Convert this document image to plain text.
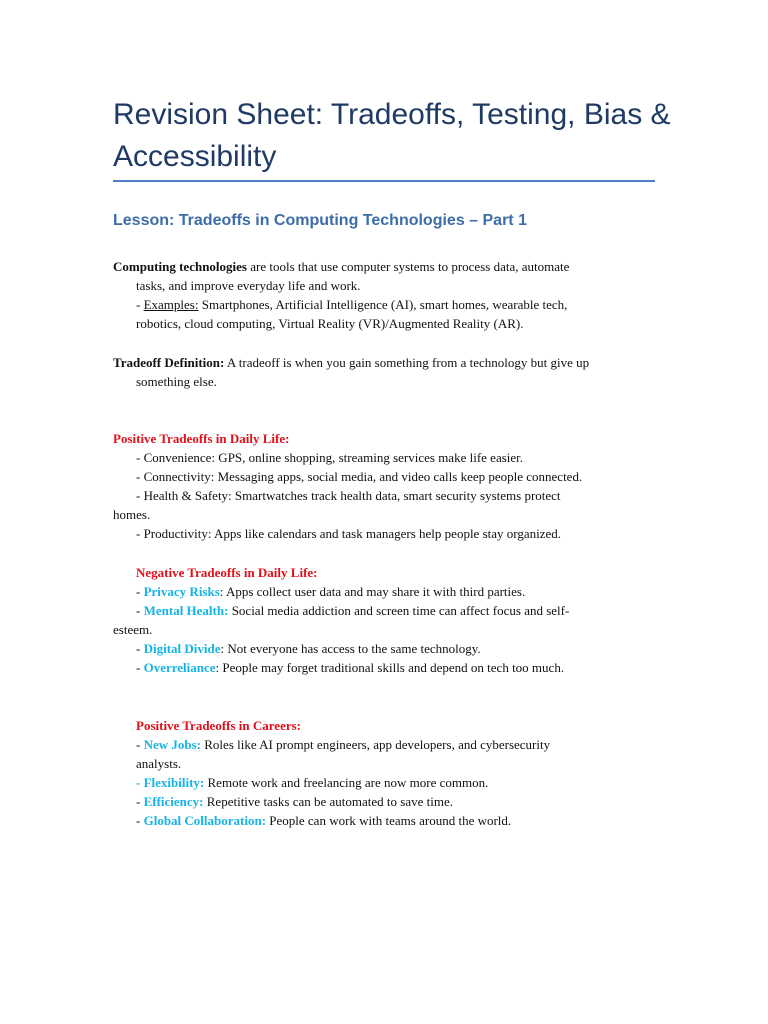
Revision Sheet: Tradeoffs, Testing, Bias & Accessibility
Lesson: Tradeoffs in Computing Technologies – Part 1
Computing technologies are tools that use computer systems to process data, automate
tasks, and improve everyday life and work.
- Examples: Smartphones, Artificial Intelligence (AI), smart homes, wearable tech,
robotics, cloud computing, Virtual Reality (VR)/Augmented Reality (AR).
Tradeoff Definition: A tradeoff is when you gain something from a technology but give up
something else.
Positive Tradeoffs in Daily Life:
- Convenience: GPS, online shopping, streaming services make life easier.
- Connectivity: Messaging apps, social media, and video calls keep people connected.
- Health & Safety: Smartwatches track health data, smart security systems protect
homes.
- Productivity: Apps like calendars and task managers help people stay organized.
Negative Tradeoffs in Daily Life:
- Privacy Risks: Apps collect user data and may share it with third parties.
- Mental Health: Social media addiction and screen time can affect focus and self-
esteem.
- Digital Divide: Not everyone has access to the same technology.
- Overreliance: People may forget traditional skills and depend on tech too much.
Positive Tradeoffs in Careers:
- New Jobs: Roles like AI prompt engineers, app developers, and cybersecurity
analysts.
- Flexibility: Remote work and freelancing are now more common.
- Efficiency: Repetitive tasks can be automated to save time.
- Global Collaboration: People can work with teams around the world.
